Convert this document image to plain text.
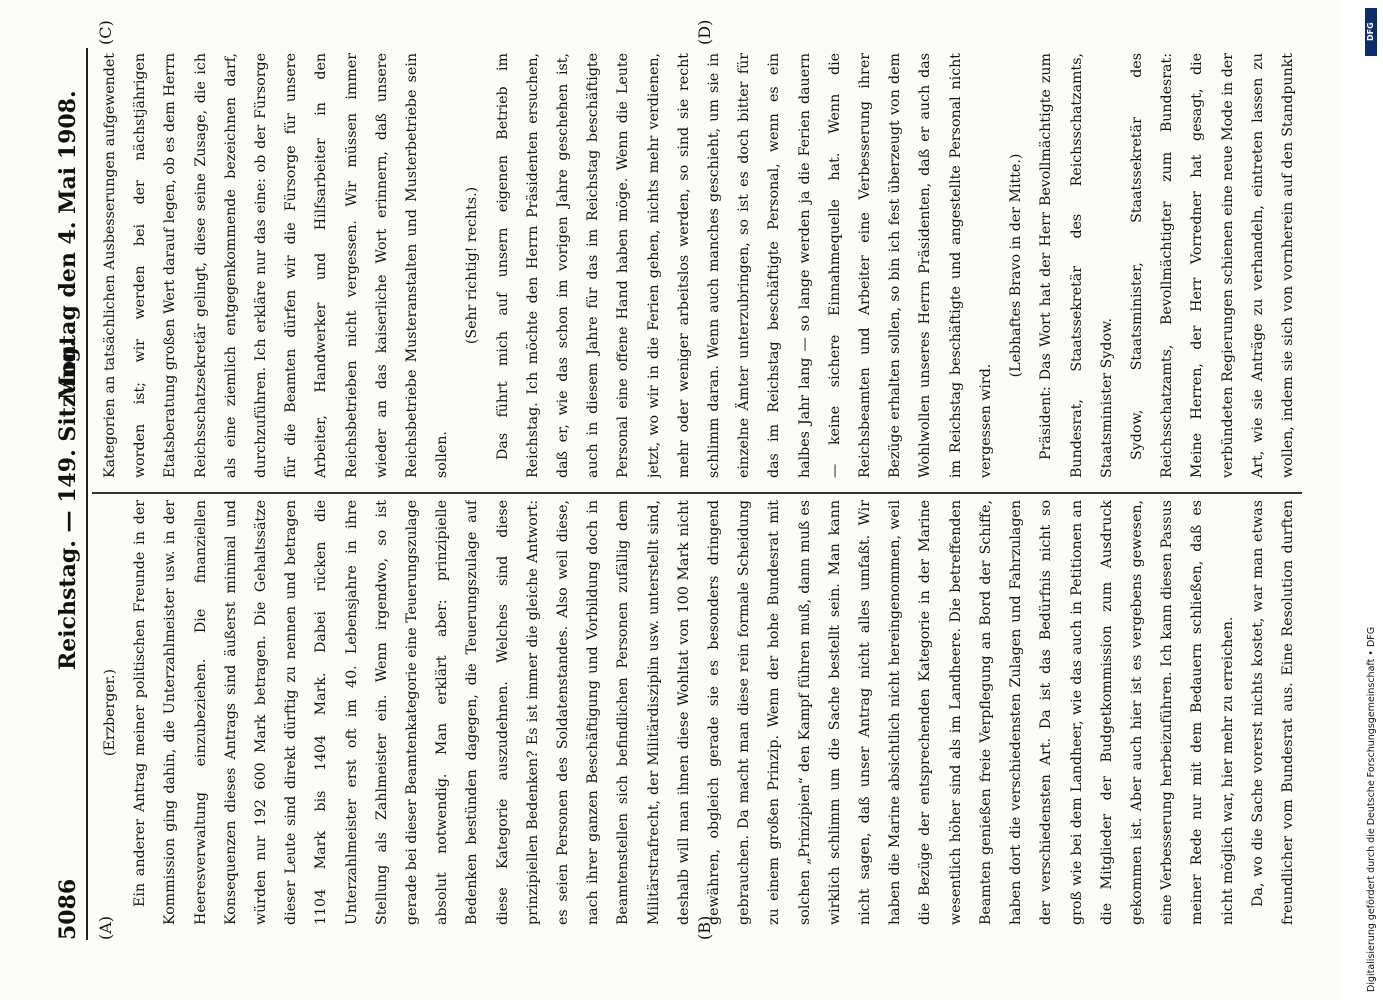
5086
Reichstag. — 149. Sitzung.
Montag den 4. Mai 1908.
(A)	(B)
(C)	(D)

(Erzberger.)	Ein anderer Antrag meiner politischen Freunde in der Kommission ging dahin, die Unterzahlmeister usw. in der Heeresverwaltung einzubeziehen. Die finanziellen Konsequenzen dieses Antrags sind äußerst minimal und würden nur 192 600 Mark betragen. Die Gehaltssätze dieser Leute sind direkt dürftig zu nennen und betragen 1104 Mark bis 1404 Mark. Dabei rücken die Unterzahlmeister erst oft im 40. Lebensjahre in ihre Stellung als Zahlmeister ein. Wenn irgendwo, so ist gerade bei dieser Beamtenkategorie eine Teuerungszulage absolut notwendig. Man erklärt aber: prinzipielle Bedenken bestünden dagegen, die Teuerungszulage auf diese Kategorie auszudehnen. Welches sind diese prinzipiellen Bedenken? Es ist immer die gleiche Antwort: es seien Personen des Soldatenstandes. Also weil diese, nach ihrer ganzen Beschäftigung und Vorbildung doch in Beamtenstellen sich befindlichen Personen zufällig dem Militärstrafrecht, der Militärdisziplin usw. unterstellt sind, deshalb will man ihnen diese Wohltat von 100 Mark nicht gewähren, obgleich gerade sie es besonders dringend gebrauchen. Da macht man diese rein formale Scheidung zu einem großen Prinzip. Wenn der hohe Bundesrat mit solchen „Prinzipien“ den Kampf führen muß, dann muß es wirklich schlimm um die Sache bestellt sein. Man kann nicht sagen, daß unser Antrag nicht alles umfaßt. Wir haben die Marine absichtlich nicht hereingenommen, weil die Bezüge der entsprechenden Kategorie in der Marine wesentlich höher sind als im Landheere. Die betreffenden Beamten genießen freie Verpflegung an Bord der Schiffe, haben dort die verschiedensten Zulagen und Fahrzulagen der verschiedensten Art. Da ist das Bedürfnis nicht so groß wie bei dem Landheer, wie das auch in Petitionen an die Mitglieder der Budgetkommission zum Ausdruck gekommen ist. Aber auch hier ist es vergebens gewesen, eine Verbesserung herbeizuführen. Ich kann diesen Passus meiner Rede nur mit dem Bedauern schließen, daß es nicht möglich war, hier mehr zu erreichen.	Da, wo die Sache vorerst nichts kostet, war man etwas freundlicher vom Bundesrat aus. Eine Resolution durften

Kategorien an tatsächlichen Ausbesserungen aufgewendet worden ist; wir werden bei der nächstjährigen Etatsberatung großen Wert darauf legen, ob es dem Herrn Reichsschatzsekretär gelingt, diese seine Zusage, die ich als eine ziemlich entgegenkommende bezeichnen darf, durchzuführen. Ich erkläre nur das eine: ob der Fürsorge für die Beamten dürfen wir die Fürsorge für unsere Arbeiter, Handwerker und Hilfsarbeiter in den Reichsbetrieben nicht vergessen. Wir müssen immer wieder an das kaiserliche Wort erinnern, daß unsere Reichsbetriebe Musteranstalten und Musterbetriebe sein sollen.

(Sehr richtig! rechts.)	Das führt mich auf unsern eigenen Betrieb im Reichstag. Ich möchte den Herrn Präsidenten ersuchen, daß er, wie das schon im vorigen Jahre geschehen ist, auch in diesem Jahre für das im Reichstag beschäftigte Personal eine offene Hand haben möge. Wenn die Leute jetzt, wo wir in die Ferien gehen, nichts mehr verdienen, mehr oder weniger arbeitslos werden, so sind sie recht schlimm daran. Wenn auch manches geschieht, um sie in einzelne Ämter unterzubringen, so ist es doch bitter für das im Reichstag beschäftigte Personal, wenn es ein halbes Jahr lang — so lange werden ja die Ferien dauern — keine sichere Einnahmequelle hat. Wenn die Reichsbeamten und Arbeiter eine Verbesserung ihrer Bezüge erhalten sollen, so bin ich fest überzeugt von dem Wohlwollen unseres Herrn Präsidenten, daß er auch das im Reichstag beschäftigte und angestellte Personal nicht vergessen wird.

(Lebhaftes Bravo in der Mitte.)	Präsident: Das Wort hat der Herr Bevollmächtigte zum Bundesrat, Staatssekretär des Reichsschatzamts, Staatsminister Sydow.	Sydow, Staatsminister, Staatssekretär des Reichsschatzamts, Bevollmächtigter zum Bundesrat: Meine Herren, der Herr Vorredner hat gesagt, die verbündeten Regierungen schienen eine neue Mode in der Art, wie sie Anträge zu verhandeln, eintreten lassen zu wollen, indem sie sich von vornherein auf den Standpunkt

DFG
Digitalisierung gefördert durch die Deutsche Forschungsgemeinschaft • DFG
